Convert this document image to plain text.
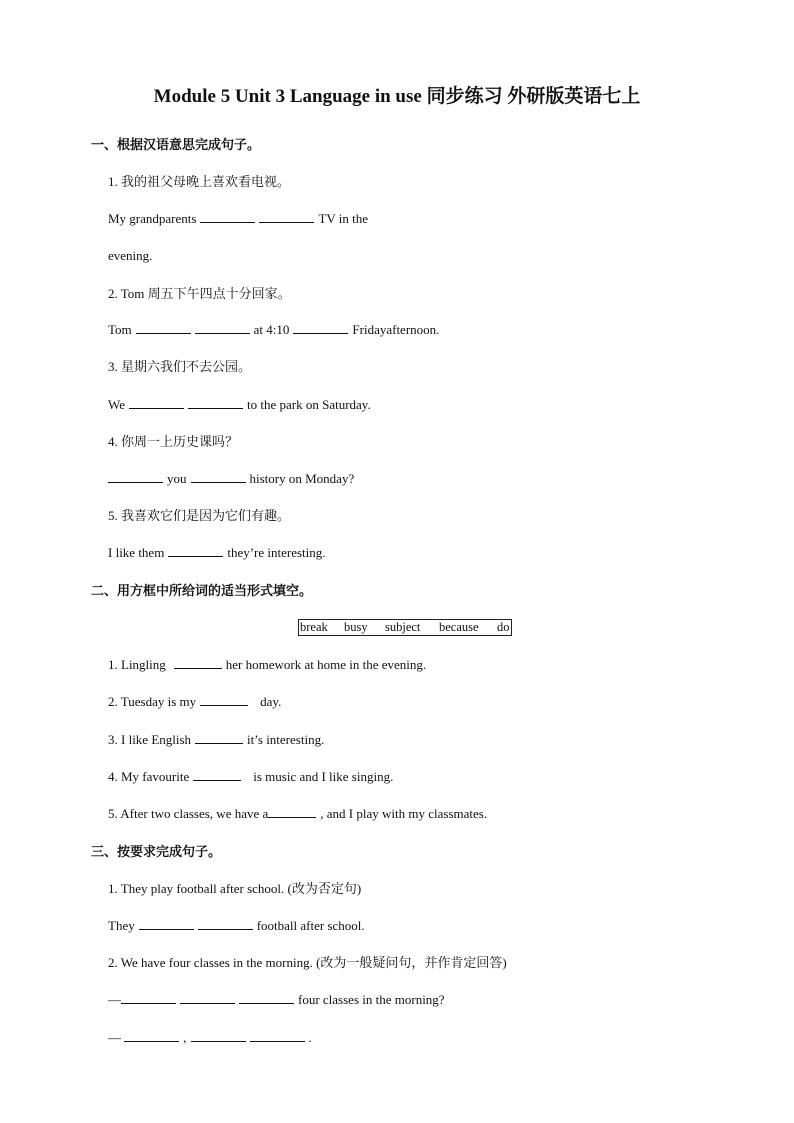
Module 5 Unit 3 Language in use 同步练习 外研版英语七上
一、根据汉语意思完成句子。
1. 我的祖父母晚上喜欢看电视。
My grandparents	TV in the
evening.
2. Tom 周五下午四点十分回家。
Tom	at 4:10	Fridayafternoon.
3. 星期六我们不去公园。
We	to the park on Saturday.
4. 你周一上历史课吗？
you	history on Monday?
5. 我喜欢它们是因为它们有趣。
I like them	they’re interesting.
二、用方框中所给词的适当形式填空。
break busy subject because do
1. Lingling	her homework at home in the evening.
2. Tuesday is my	day.
3. I like English	it’s interesting.
4. My favourite	is music and I like singing.
5. After two classes, we have a	, and I play with my classmates.
三、按要求完成句子。
1. They play football after school. (改为否定句)
They	football after school.
2. We have four classes in the morning. (改为一般疑问句，并作肯定回答)
—	four classes in the morning?
—	,	.
